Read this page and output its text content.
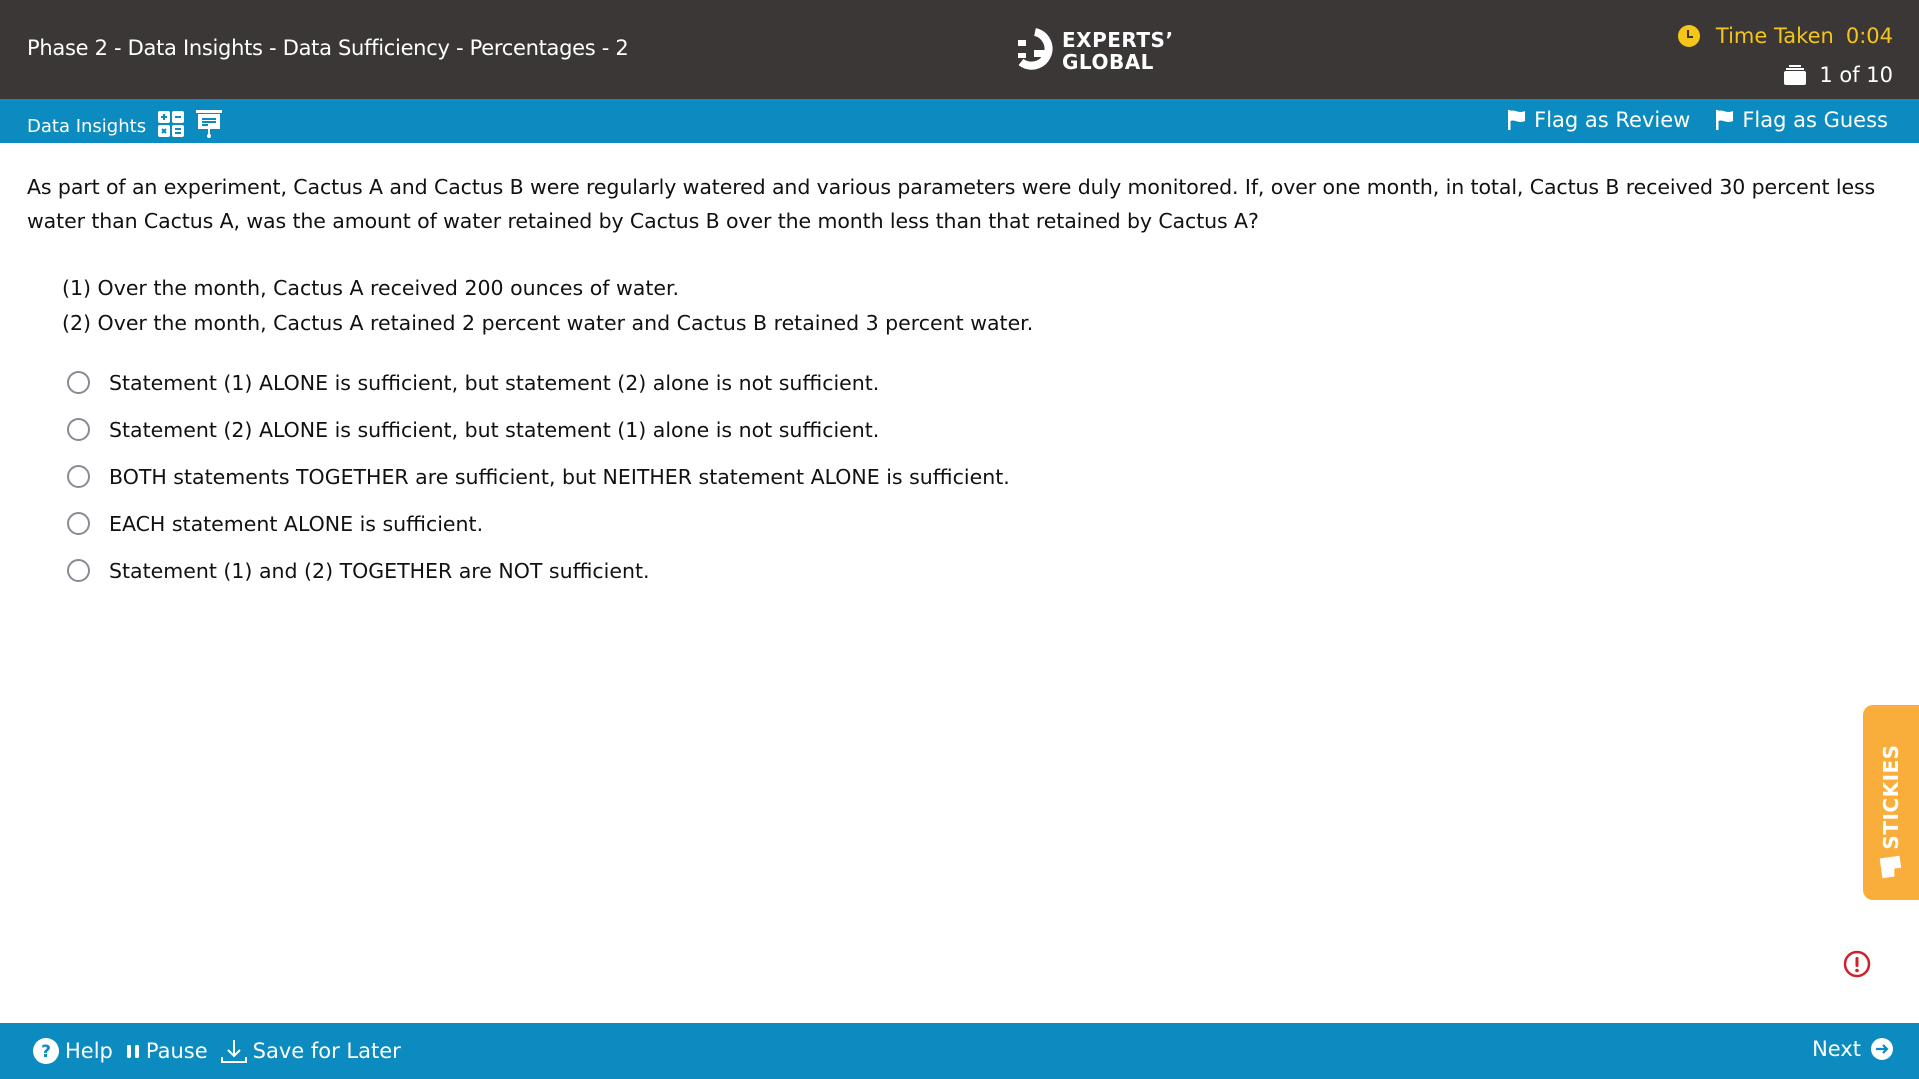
Phase 2 - Data Insights - Data Sufficiency - Percentages - 2	EXPERTS’
GLOBAL
Time Taken 0:04
1 of 10
Data Insights	Flag as Review Flag as Guess
As part of an experiment, Cactus A and Cactus B were regularly watered and various parameters were duly monitored. If, over one month, in total, Cactus B received 30 percent less water than Cactus A, was the amount of water retained by Cactus B over the month less than that retained by Cactus A?
(1) Over the month, Cactus A received 200 ounces of water.
(2) Over the month, Cactus A retained 2 percent water and Cactus B retained 3 percent water.
Statement (1) ALONE is sufficient, but statement (2) alone is not sufficient.
Statement (2) ALONE is sufficient, but statement (1) alone is not sufficient.
BOTH statements TOGETHER are sufficient, but NEITHER statement ALONE is sufficient.
EACH statement ALONE is sufficient.
Statement (1) and (2) TOGETHER are NOT sufficient.
STICKIES
? Help Pause Save for Later	Next
